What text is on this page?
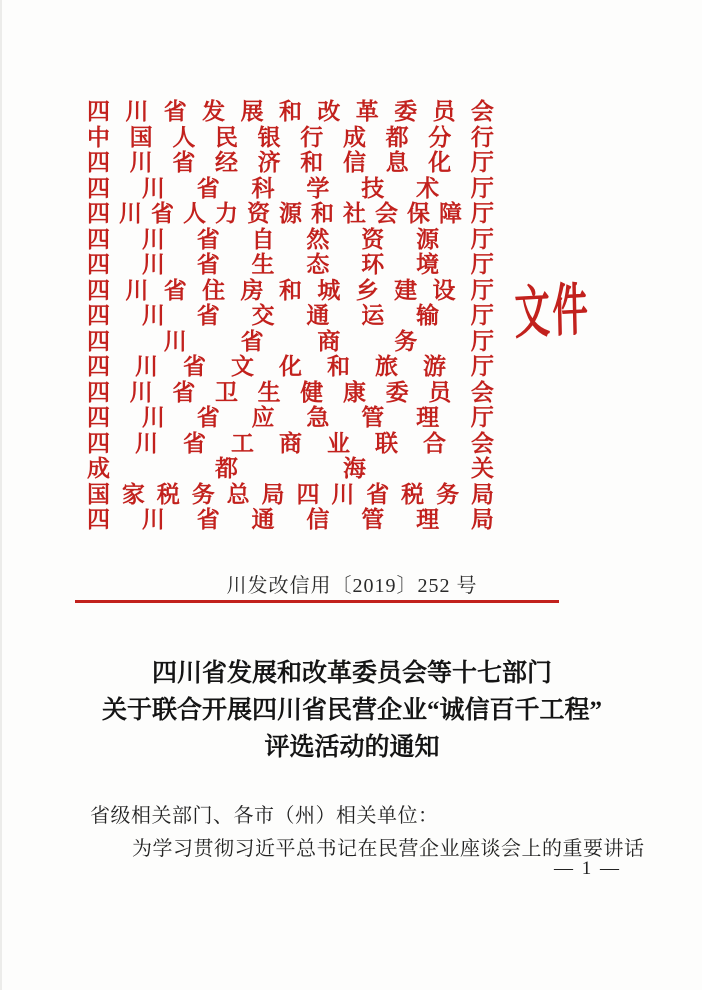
四 川 省 发 展 和 改 革 委 员 会
中 国 人 民 银 行 成 都 分 行
四 川 省 经 济 和 信 息 化 厅
四 川 省 科 学 技 术 厅
四 川 省 人 力 资 源 和 社 会 保 障 厅
四 川 省 自 然 资 源 厅
四 川 省 生 态 环 境 厅
四 川 省 住 房 和 城 乡 建 设 厅
四 川 省 交 通 运 输 厅
四 川 省 商 务 厅
四 川 省 文 化 和 旅 游 厅
四 川 省 卫 生 健 康 委 员 会
四 川 省 应 急 管 理 厅
四 川 省 工 商 业 联 合 会
成	都	海	关
国 家 税 务 总 局 四 川 省 税 务 局
四 川 省 通 信 管 理 局
文件
川发改信用〔2019〕252 号
四川省发展和改革委员会等十七部门
关于联合开展四川省民营企业“诚信百千工程”
评选活动的通知
省级相关部门、各市（州）相关单位：
为学习贯彻习近平总书记在民营企业座谈会上的重要讲话
— 1 —
